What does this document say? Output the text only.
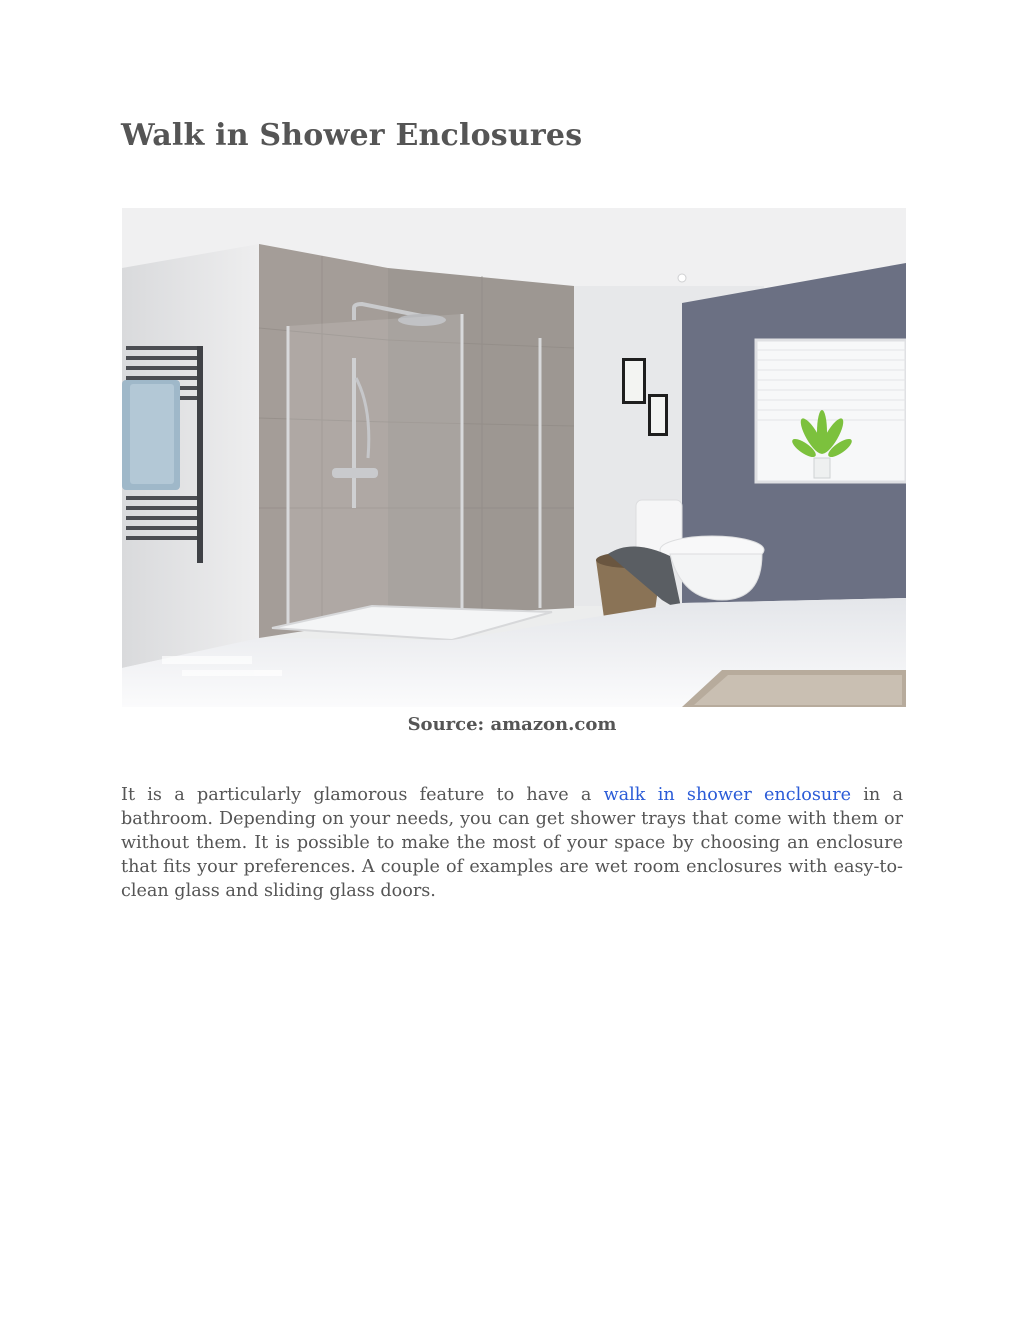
Walk in Shower Enclosures
Source: amazon.com

It is a particularly glamorous feature to have a walk in shower enclosure in a bathroom. Depending on your needs, you can get shower trays that come with them or without them. It is possible to make the most of your space by choosing an enclosure that fits your preferences. A couple of examples are wet room enclosures with easy-to-clean glass and sliding glass doors.
